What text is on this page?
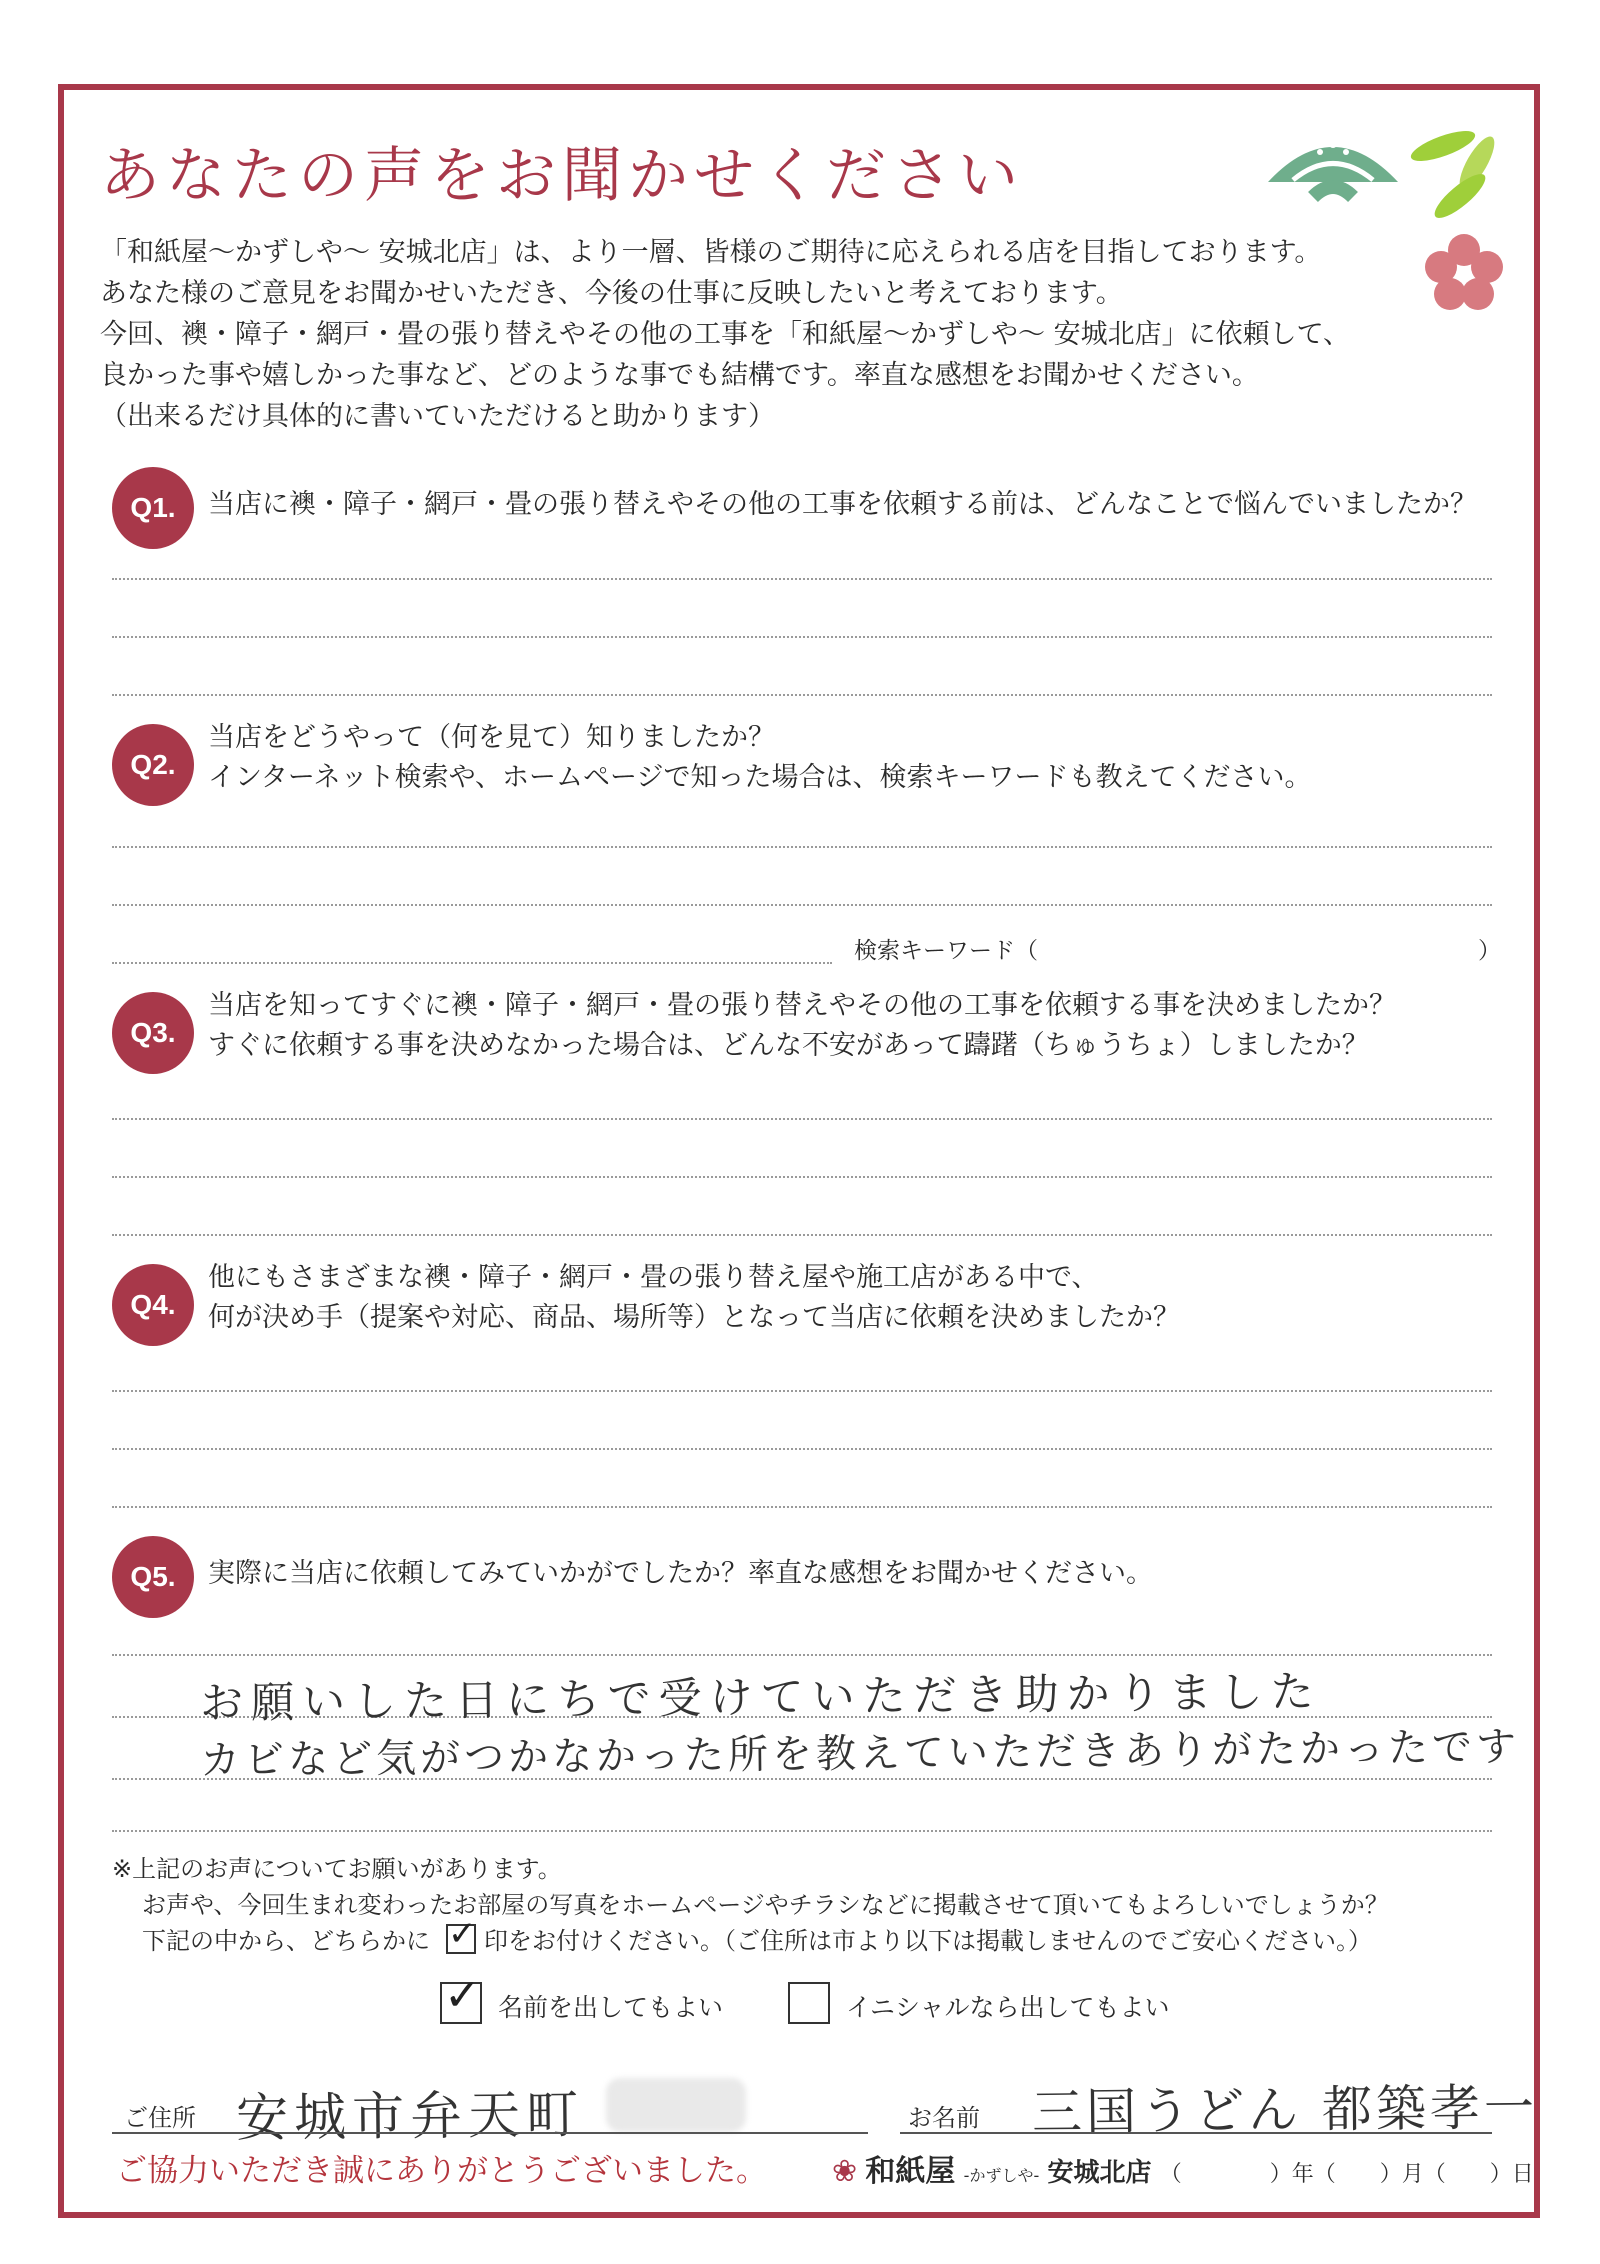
あなたの声をお聞かせください

「和紙屋〜かずしや〜 安城北店」は、より一層、皆様のご期待に応えられる店を目指しております。

あなた様のご意見をお聞かせいただき、今後の仕事に反映したいと考えております。

今回、襖・障子・網戸・畳の張り替えやその他の工事を「和紙屋〜かずしや〜 安城北店」に依頼して、

良かった事や嬉しかった事など、どのような事でも結構です。率直な感想をお聞かせください。

（出来るだけ具体的に書いていただけると助かります）

Q1.	当店に襖・障子・網戸・畳の張り替えやその他の工事を依頼する前は、どんなことで悩んでいましたか？
Q2.
当店をどうやって（何を見て）知りましたか？
インターネット検索や、ホームページで知った場合は、検索キーワードも教えてください。
検索キーワード（	）
Q3.
当店を知ってすぐに襖・障子・網戸・畳の張り替えやその他の工事を依頼する事を決めましたか？
すぐに依頼する事を決めなかった場合は、どんな不安があって躊躇（ちゅうちょ）しましたか？
Q4.
他にもさまざまな襖・障子・網戸・畳の張り替え屋や施工店がある中で、
何が決め手（提案や対応、商品、場所等）となって当店に依頼を決めましたか？
Q5.	実際に当店に依頼してみていかがでしたか？率直な感想をお聞かせください。
お願いした日にちで受けていただき助かりました
カビなど気がつかなかった所を教えていただきありがたかったです
※上記のお声についてお願いがあります。
お声や、今回生まれ変わったお部屋の写真をホームページやチラシなどに掲載させて頂いてもよろしいでしょうか？
下記の中から、どちらかに ✓ 印をお付けください。（ご住所は市より以下は掲載しませんのでご安心ください。）
✓ 名前を出してもよい	イニシャルなら出してもよい
ご住所 安城市弁天町	お名前 三国うどん 都築孝一
ご協力いただき誠にありがとうございました。 ❀ 和紙屋 -かずしや- 安城北店 （　　　　）年（　　）月（　　）日
